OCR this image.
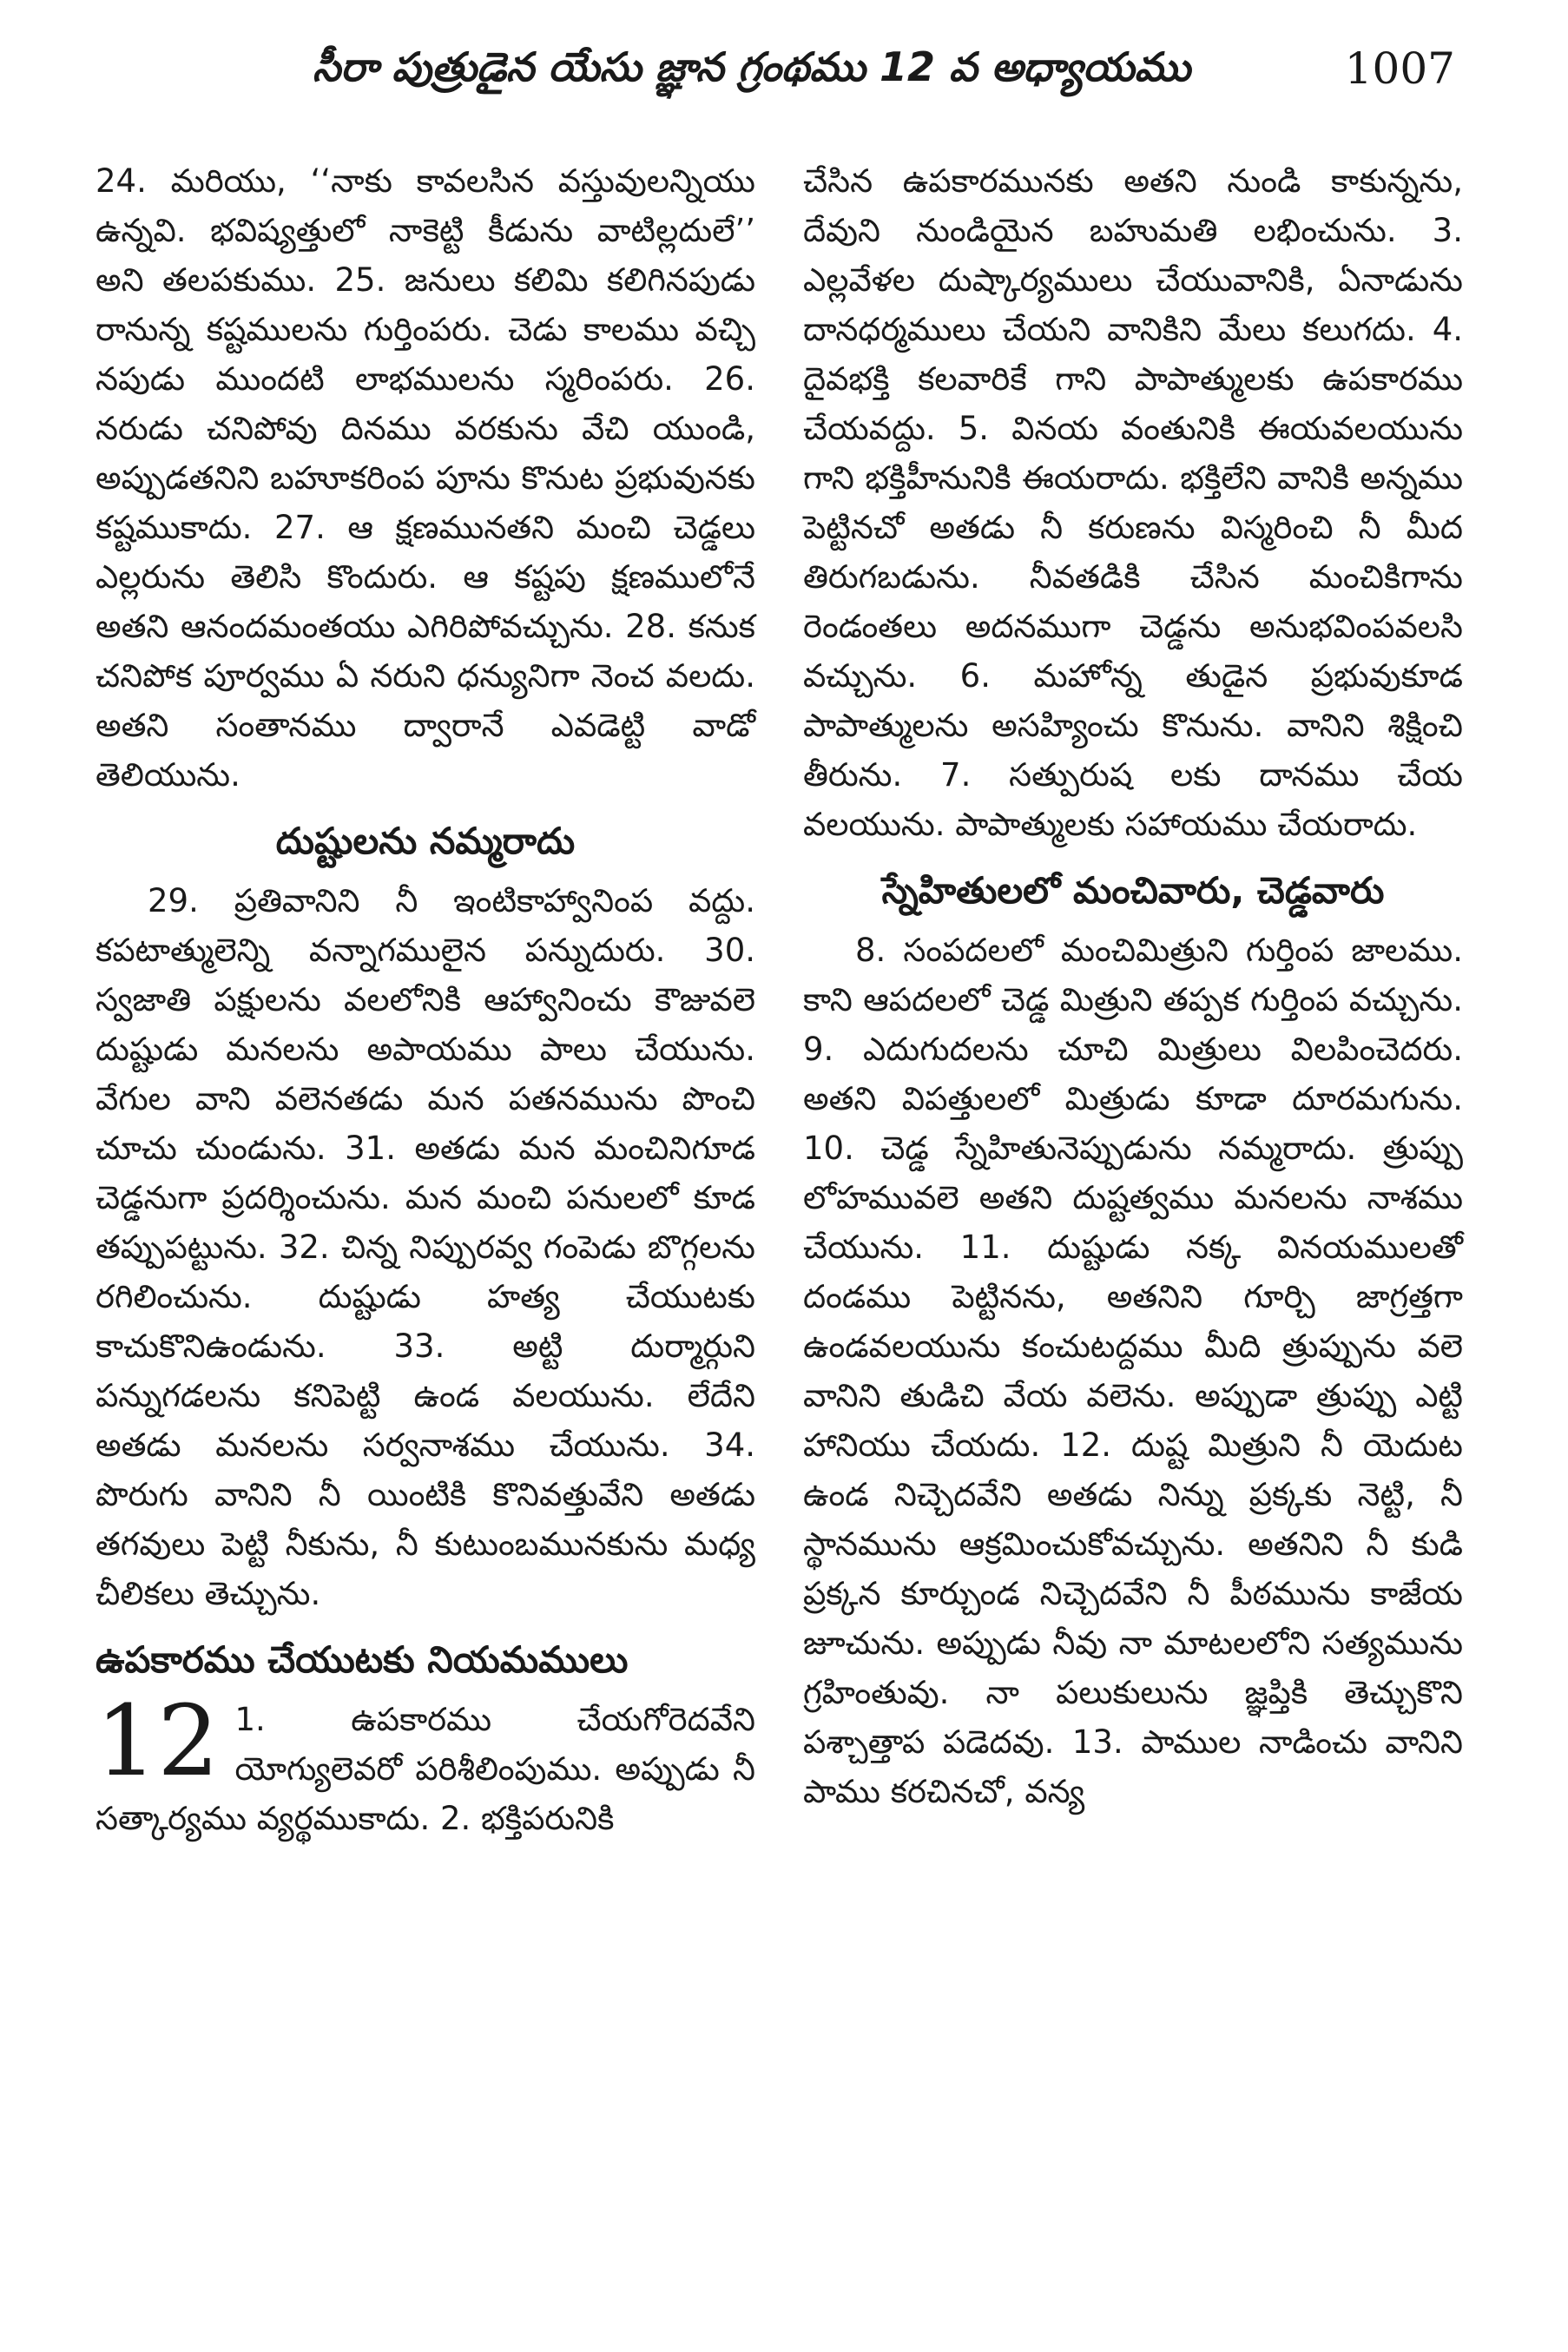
సీరా పుత్రుడైన యేసు జ్ఞాన గ్రంథము 12 వ అధ్యాయము	1007

24. మరియు, ‘‘నాకు కావలసిన వస్తువులన్నియు ఉన్నవి. భవిష్యత్తులో నాకెట్టి కీడును వాటిల్లదులే’’ అని తలపకుము. 25. జనులు కలిమి కలిగినపుడు రానున్న కష్టములను గుర్తింపరు. చెడు కాలము వచ్చి నపుడు ముందటి లాభములను స్మరింపరు. 26. నరుడు చనిపోవు దినము వరకును వేచి యుండి, అప్పుడతనిని బహూకరింప పూను కొనుట ప్రభువునకు కష్టముకాదు. 27. ఆ క్షణమునతని మంచి చెడ్డలు ఎల్లరును తెలిసి కొందురు. ఆ కష్టపు క్షణములోనే అతని ఆనందమంతయు ఎగిరిపోవచ్చును. 28. కనుక చనిపోక పూర్వము ఏ నరుని ధన్యునిగా నెంచ వలదు. అతని సంతానము ద్వారానే ఎవడెట్టి వాడో తెలియును.

దుష్టులను నమ్మరాదు

29. ప్రతివానిని నీ ఇంటికాహ్వానింప వద్దు. కపటాత్ములెన్ని వన్నాగములైన పన్నుదురు. 30. స్వజాతి పక్షులను వలలోనికి ఆహ్వానించు కౌజువలె దుష్టుడు మనలను అపాయము పాలు చేయును. వేగుల వాని వలెనతడు మన పతనమును పొంచి చూచు చుండును. 31. అతడు మన మంచినిగూడ చెడ్డనుగా ప్రదర్శించును. మన మంచి పనులలో కూడ తప్పుపట్టును. 32. చిన్న నిప్పురవ్వ గంపెడు బొగ్గలను రగిలించును. దుష్టుడు హత్య చేయుటకు కాచుకొనిఉండును. 33. అట్టి దుర్మార్గుని పన్నుగడలను కనిపెట్టి ఉండ వలయును. లేదేని అతడు మనలను సర్వనాశము చేయును. 34. పొరుగు వానిని నీ యింటికి కొనివత్తువేని అతడు తగవులు పెట్టి నీకును, నీ కుటుంబమునకును మధ్య చీలికలు తెచ్చును.

ఉపకారము చేయుటకు నియమములు
12 1. ఉపకారము చేయగోరెదవేని యోగ్యులెవరో పరిశీలింపుము. అప్పుడు నీ సత్కార్యము వ్యర్థముకాదు. 2. భక్తిపరునికి

చేసిన ఉపకారమునకు అతని నుండి కాకున్నను, దేవుని నుండియైన బహుమతి లభించును. 3. ఎల్లవేళల దుష్కార్యములు చేయువానికి, ఏనాడును దానధర్మములు చేయని వానికిని మేలు కలుగదు. 4. దైవభక్తి కలవారికే గాని పాపాత్ములకు ఉపకారము చేయవద్దు. 5. వినయ వంతునికి ఈయవలయును గాని భక్తిహీనునికి ఈయరాదు. భక్తిలేని వానికి అన్నము పెట్టినచో అతడు నీ కరుణను విస్మరించి నీ మీద తిరుగబడును. నీవతడికి చేసిన మంచికిగాను రెండంతలు అదనముగా చెడ్డను అనుభవింపవలసి వచ్చును. 6. మహోన్న తుడైన ప్రభువుకూడ పాపాత్ములను అసహ్యించు కొనును. వానిని శిక్షించి తీరును. 7. సత్పురుష లకు దానము చేయ వలయును. పాపాత్ములకు సహాయము చేయరాదు.

స్నేహితులలో మంచివారు, చెడ్డవారు

8. సంపదలలో మంచిమిత్రుని గుర్తింప జాలము. కాని ఆపదలలో చెడ్డ మిత్రుని తప్పక గుర్తింప వచ్చును. 9. ఎదుగుదలను చూచి మిత్రులు విలపించెదరు. అతని విపత్తులలో మిత్రుడు కూడా దూరమగును. 10. చెడ్డ స్నేహితునెప్పుడును నమ్మరాదు. త్రుప్పు లోహమువలె అతని దుష్టత్వము మనలను నాశము చేయును. 11. దుష్టుడు నక్క వినయములతో దండము పెట్టినను, అతనిని గూర్చి జాగ్రత్తగా ఉండవలయును కంచుటద్దము మీది త్రుప్పును వలె వానిని తుడిచి వేయ వలెను. అప్పుడా త్రుప్పు ఎట్టి హానియు చేయదు. 12. దుష్ట మిత్రుని నీ యెదుట ఉండ నిచ్చెదవేని అతడు నిన్ను ప్రక్కకు నెట్టి, నీ స్థానమును ఆక్రమించుకోవచ్చును. అతనిని నీ కుడి ప్రక్కన కూర్చుండ నిచ్చెదవేని నీ పీఠమును కాజేయ జూచును. అప్పుడు నీవు నా మాటలలోని సత్యమును గ్రహింతువు. నా పలుకులును జ్ఞప్తికి తెచ్చుకొని పశ్చాత్తాప పడెదవు. 13. పాముల నాడించు వానిని పాము కరచినచో, వన్య
